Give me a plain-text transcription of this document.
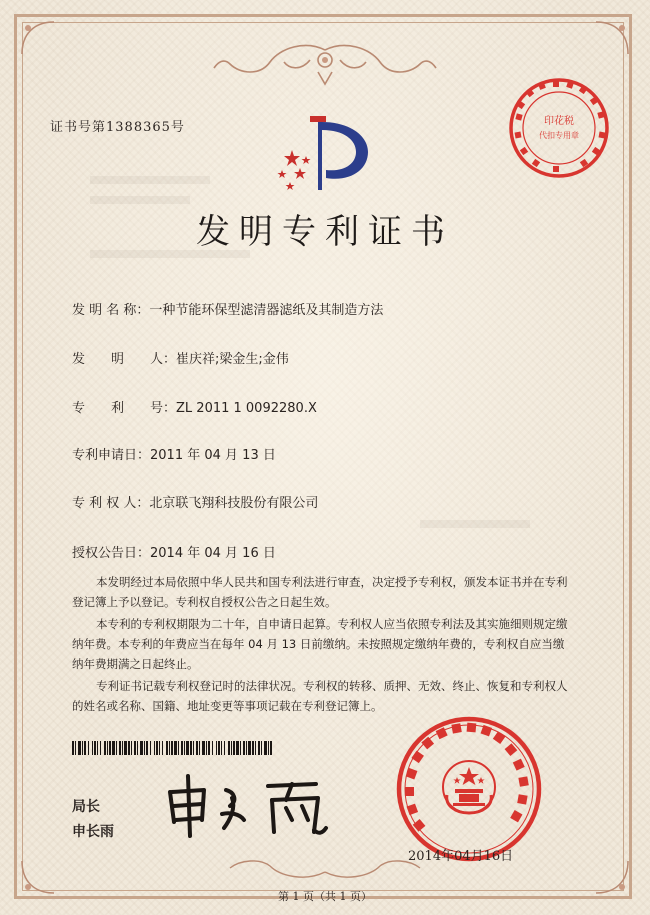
证书号第1388365号	印花税
代扣专用章
发明专利证书
发 明 名 称：一种节能环保型滤清器滤纸及其制造方法
发　　明　　人：崔庆祥;梁金生;金伟
专　　利　　号：ZL 2011 1 0092280.X
专利申请日：2011 年 04 月 13 日
专 利 权 人：北京联飞翔科技股份有限公司
授权公告日：2014 年 04 月 16 日

本发明经过本局依照中华人民共和国专利法进行审查，决定授予专利权，颁发本证书并在专利登记簿上予以登记。专利权自授权公告之日起生效。

本专利的专利权期限为二十年，自申请日起算。专利权人应当依照专利法及其实施细则规定缴纳年费。本专利的年费应当在每年 04 月 13 日前缴纳。未按照规定缴纳年费的，专利权自应当缴纳年费期满之日起终止。

专利证书记载专利权登记时的法律状况。专利权的转移、质押、无效、终止、恢复和专利权人的姓名或名称、国籍、地址变更等事项记载在专利登记簿上。

局长
申长雨
2014年04月16日
第 1 页（共 1 页）
